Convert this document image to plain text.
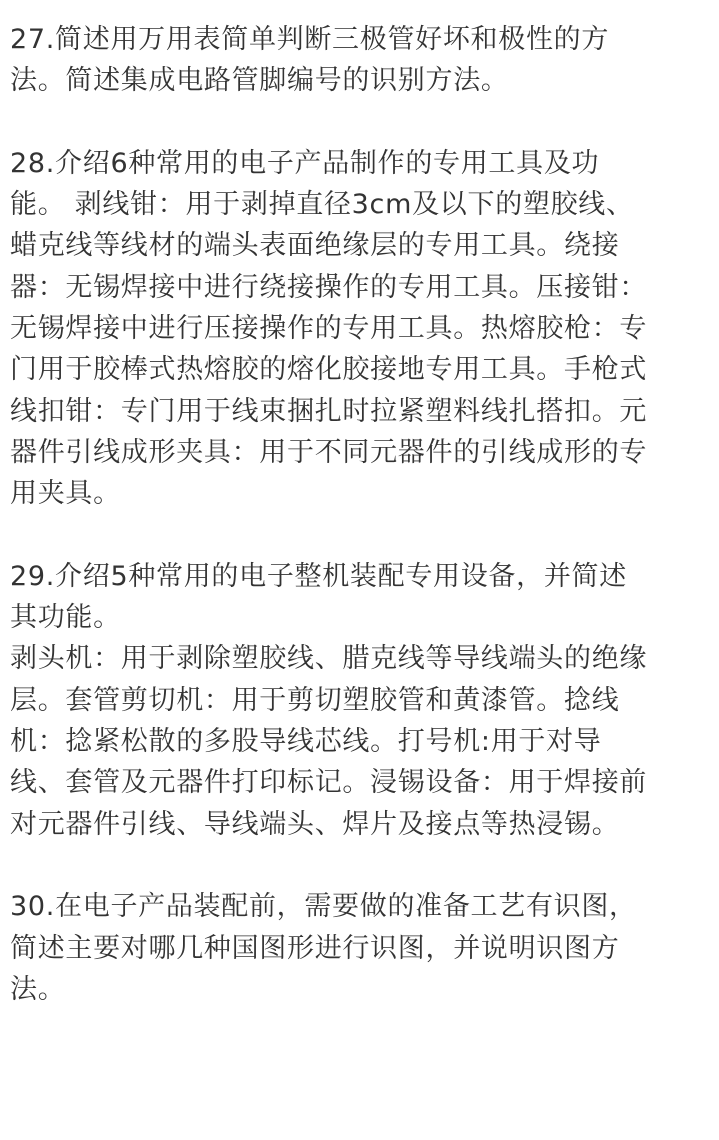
27.简述用万用表简单判断三极管好坏和极性的方
法。简述集成电路管脚编号的识别方法。
28.介绍6种常用的电子产品制作的专用工具及功
能。 剥线钳：用于剥掉直径3cm及以下的塑胶线、
蜡克线等线材的端头表面绝缘层的专用工具。绕接
器：无锡焊接中进行绕接操作的专用工具。压接钳：
无锡焊接中进行压接操作的专用工具。热熔胶枪：专
门用于胶棒式热熔胶的熔化胶接地专用工具。手枪式
线扣钳：专门用于线束捆扎时拉紧塑料线扎搭扣。元
器件引线成形夹具：用于不同元器件的引线成形的专
用夹具。
29.介绍5种常用的电子整机装配专用设备，并简述
其功能。
剥头机：用于剥除塑胶线、腊克线等导线端头的绝缘
层。套管剪切机：用于剪切塑胶管和黄漆管。捻线
机：捻紧松散的多股导线芯线。打号机:用于对导
线、套管及元器件打印标记。浸锡设备：用于焊接前
对元器件引线、导线端头、焊片及接点等热浸锡。
30.在电子产品装配前，需要做的准备工艺有识图，
简述主要对哪几种国图形进行识图，并说明识图方
法。
